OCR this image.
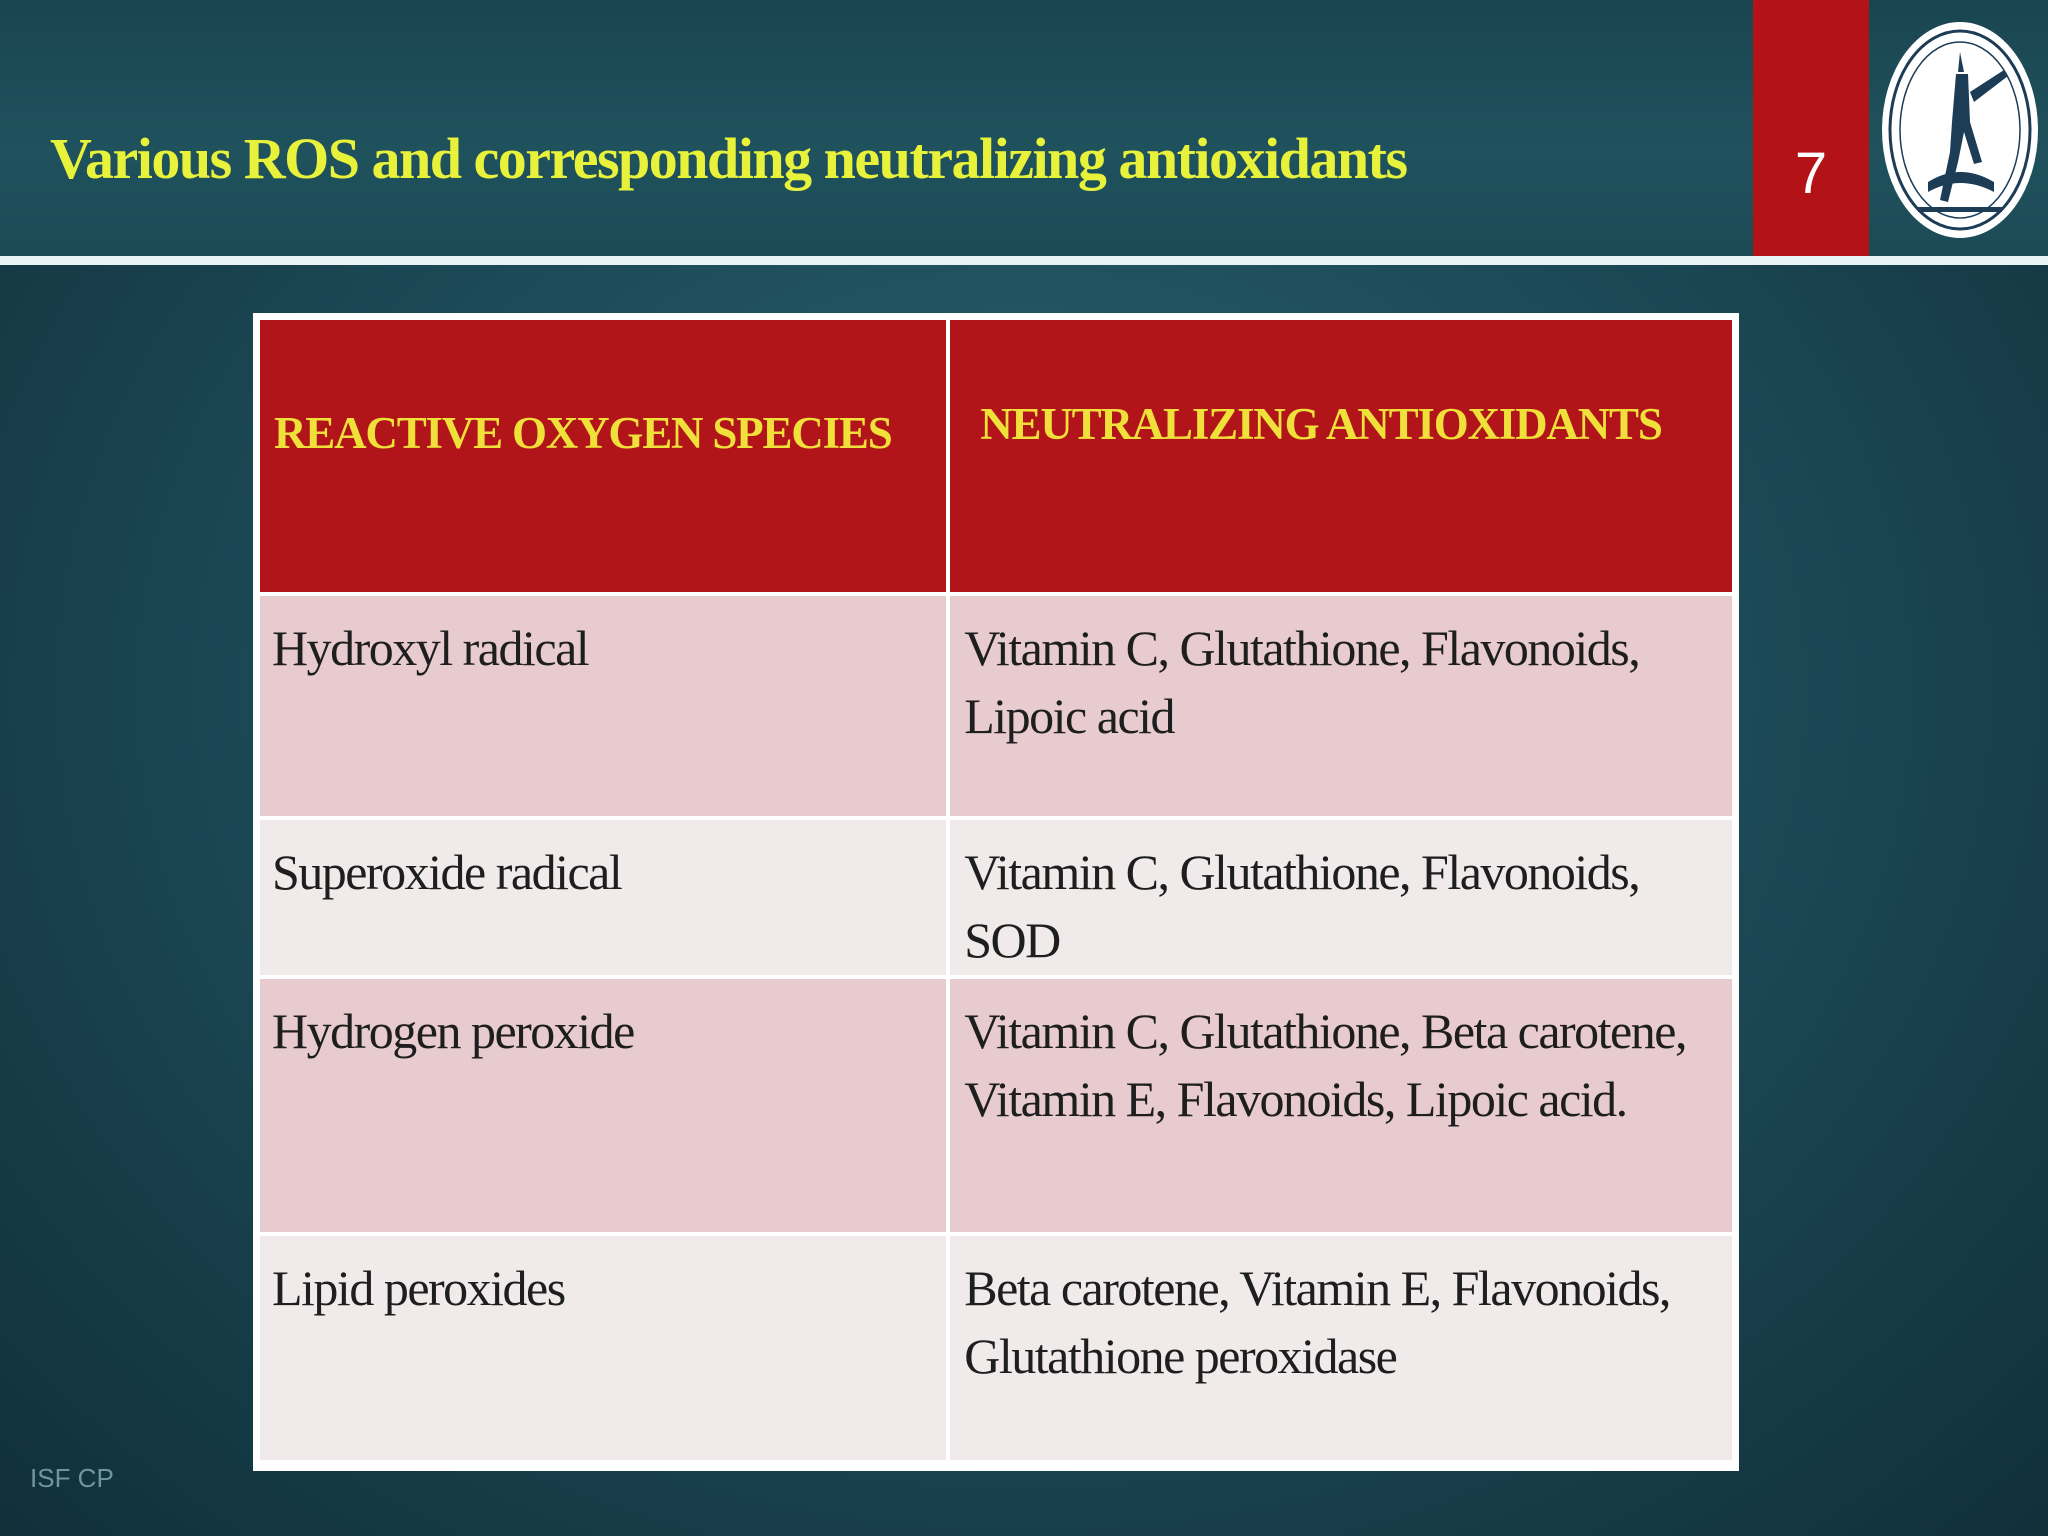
Various ROS and corresponding neutralizing antioxidants	7
REACTIVE OXYGEN SPECIES	NEUTRALIZING ANTIOXIDANTS

Hydroxyl radical	Vitamin C, Glutathione, Flavonoids, Lipoic acid

Superoxide radical	Vitamin C, Glutathione, Flavonoids, SOD

Hydrogen peroxide	Vitamin C, Glutathione, Beta carotene, Vitamin E, Flavonoids, Lipoic acid.

Lipid peroxides	Beta carotene, Vitamin E, Flavonoids, Glutathione peroxidase
ISF CP
